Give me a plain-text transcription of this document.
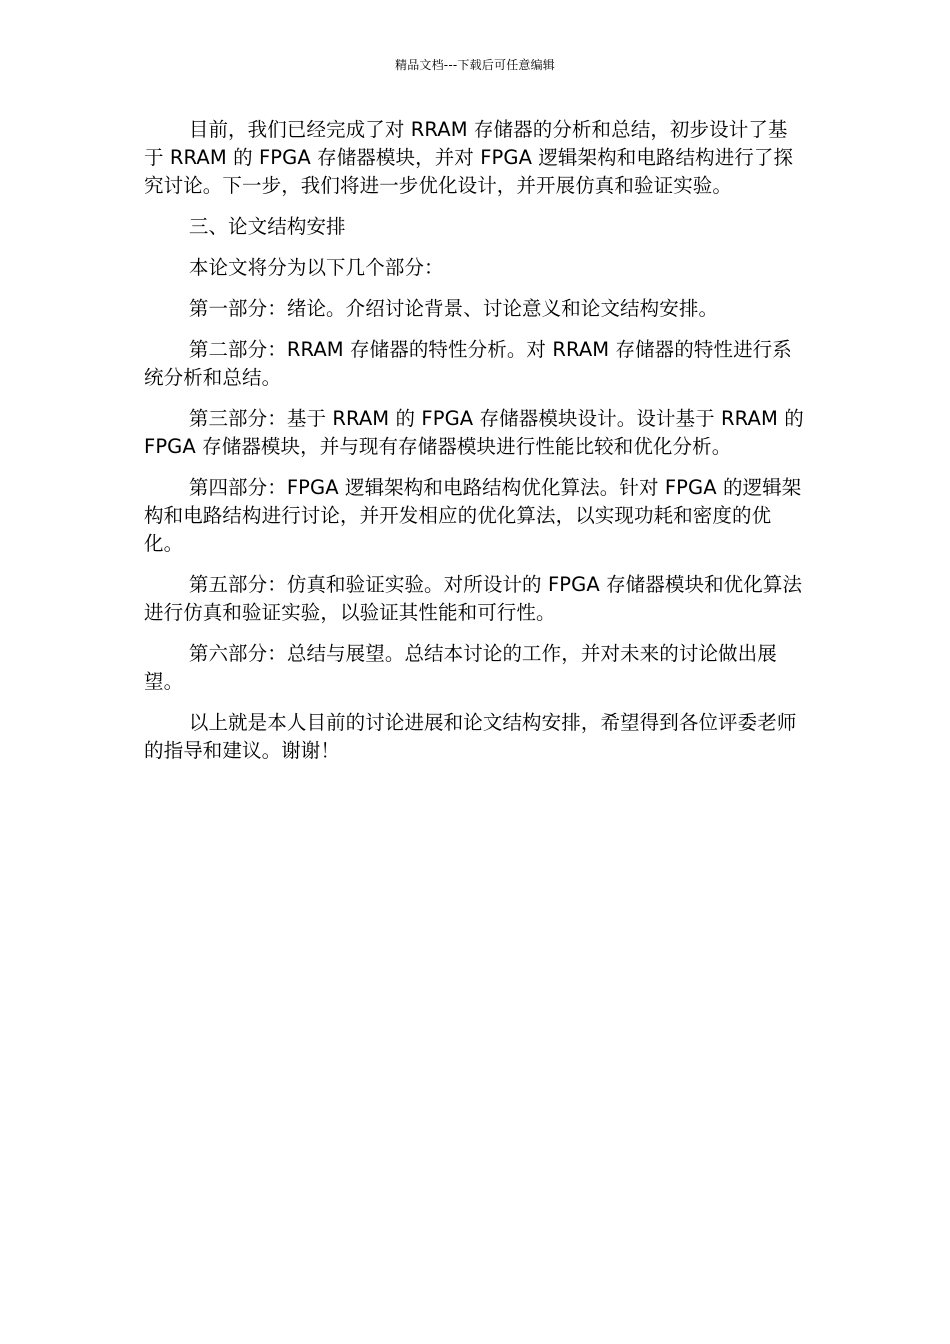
精品文档---下载后可任意编辑

目前，我们已经完成了对 RRAM 存储器的分析和总结，初步设计了基于 RRAM 的 FPGA 存储器模块，并对 FPGA 逻辑架构和电路结构进行了探究讨论。下一步，我们将进一步优化设计，并开展仿真和验证实验。

三、论文结构安排

本论文将分为以下几个部分：

第一部分：绪论。介绍讨论背景、讨论意义和论文结构安排。

第二部分：RRAM 存储器的特性分析。对 RRAM 存储器的特性进行系统分析和总结。

第三部分：基于 RRAM 的 FPGA 存储器模块设计。设计基于 RRAM 的 FPGA 存储器模块，并与现有存储器模块进行性能比较和优化分析。

第四部分：FPGA 逻辑架构和电路结构优化算法。针对 FPGA 的逻辑架构和电路结构进行讨论，并开发相应的优化算法，以实现功耗和密度的优化。

第五部分：仿真和验证实验。对所设计的 FPGA 存储器模块和优化算法进行仿真和验证实验，以验证其性能和可行性。

第六部分：总结与展望。总结本讨论的工作，并对未来的讨论做出展望。

以上就是本人目前的讨论进展和论文结构安排，希望得到各位评委老师的指导和建议。谢谢！
